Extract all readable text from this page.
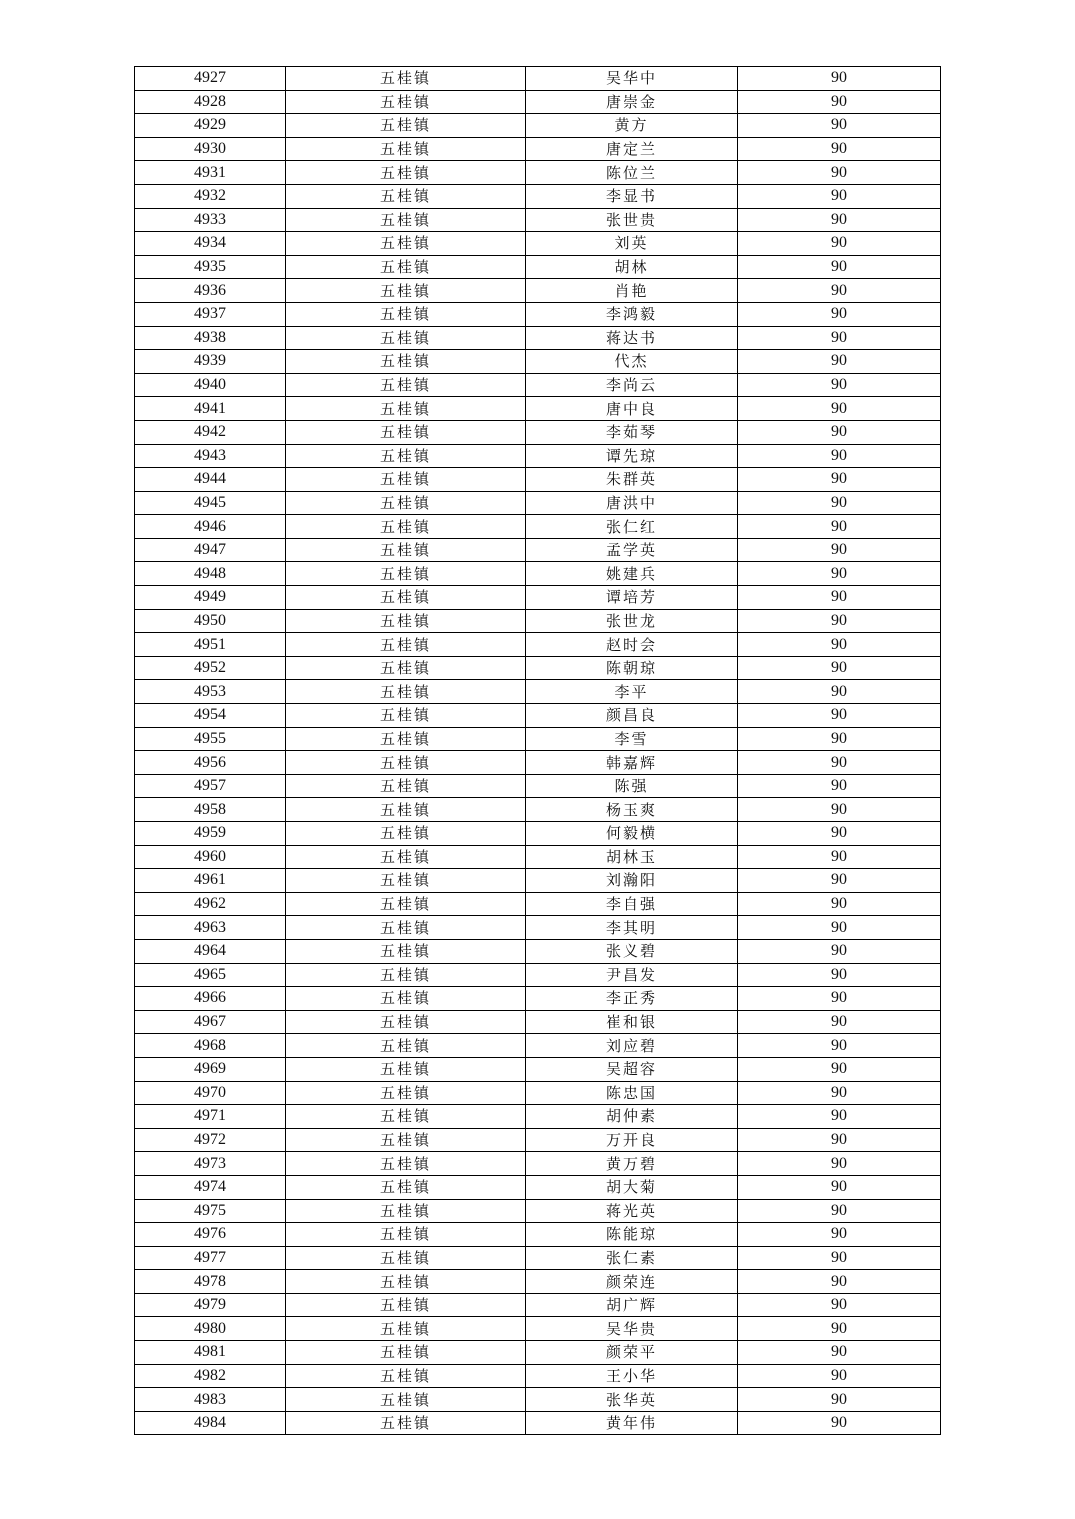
4927	五桂镇	吴华中	90
4928	五桂镇	唐崇金	90
4929	五桂镇	黄方	90
4930	五桂镇	唐定兰	90
4931	五桂镇	陈位兰	90
4932	五桂镇	李显书	90
4933	五桂镇	张世贵	90
4934	五桂镇	刘英	90
4935	五桂镇	胡林	90
4936	五桂镇	肖艳	90
4937	五桂镇	李鸿毅	90
4938	五桂镇	蒋达书	90
4939	五桂镇	代杰	90
4940	五桂镇	李尚云	90
4941	五桂镇	唐中良	90
4942	五桂镇	李茹琴	90
4943	五桂镇	谭先琼	90
4944	五桂镇	朱群英	90
4945	五桂镇	唐洪中	90
4946	五桂镇	张仁红	90
4947	五桂镇	孟学英	90
4948	五桂镇	姚建兵	90
4949	五桂镇	谭培芳	90
4950	五桂镇	张世龙	90
4951	五桂镇	赵时会	90
4952	五桂镇	陈朝琼	90
4953	五桂镇	李平	90
4954	五桂镇	颜昌良	90
4955	五桂镇	李雪	90
4956	五桂镇	韩嘉辉	90
4957	五桂镇	陈强	90
4958	五桂镇	杨玉爽	90
4959	五桂镇	何毅横	90
4960	五桂镇	胡林玉	90
4961	五桂镇	刘瀚阳	90
4962	五桂镇	李自强	90
4963	五桂镇	李其明	90
4964	五桂镇	张义碧	90
4965	五桂镇	尹昌发	90
4966	五桂镇	李正秀	90
4967	五桂镇	崔和银	90
4968	五桂镇	刘应碧	90
4969	五桂镇	吴超容	90
4970	五桂镇	陈忠国	90
4971	五桂镇	胡仲素	90
4972	五桂镇	万开良	90
4973	五桂镇	黄万碧	90
4974	五桂镇	胡大菊	90
4975	五桂镇	蒋光英	90
4976	五桂镇	陈能琼	90
4977	五桂镇	张仁素	90
4978	五桂镇	颜荣连	90
4979	五桂镇	胡广辉	90
4980	五桂镇	吴华贵	90
4981	五桂镇	颜荣平	90
4982	五桂镇	王小华	90
4983	五桂镇	张华英	90
4984	五桂镇	黄年伟	90
